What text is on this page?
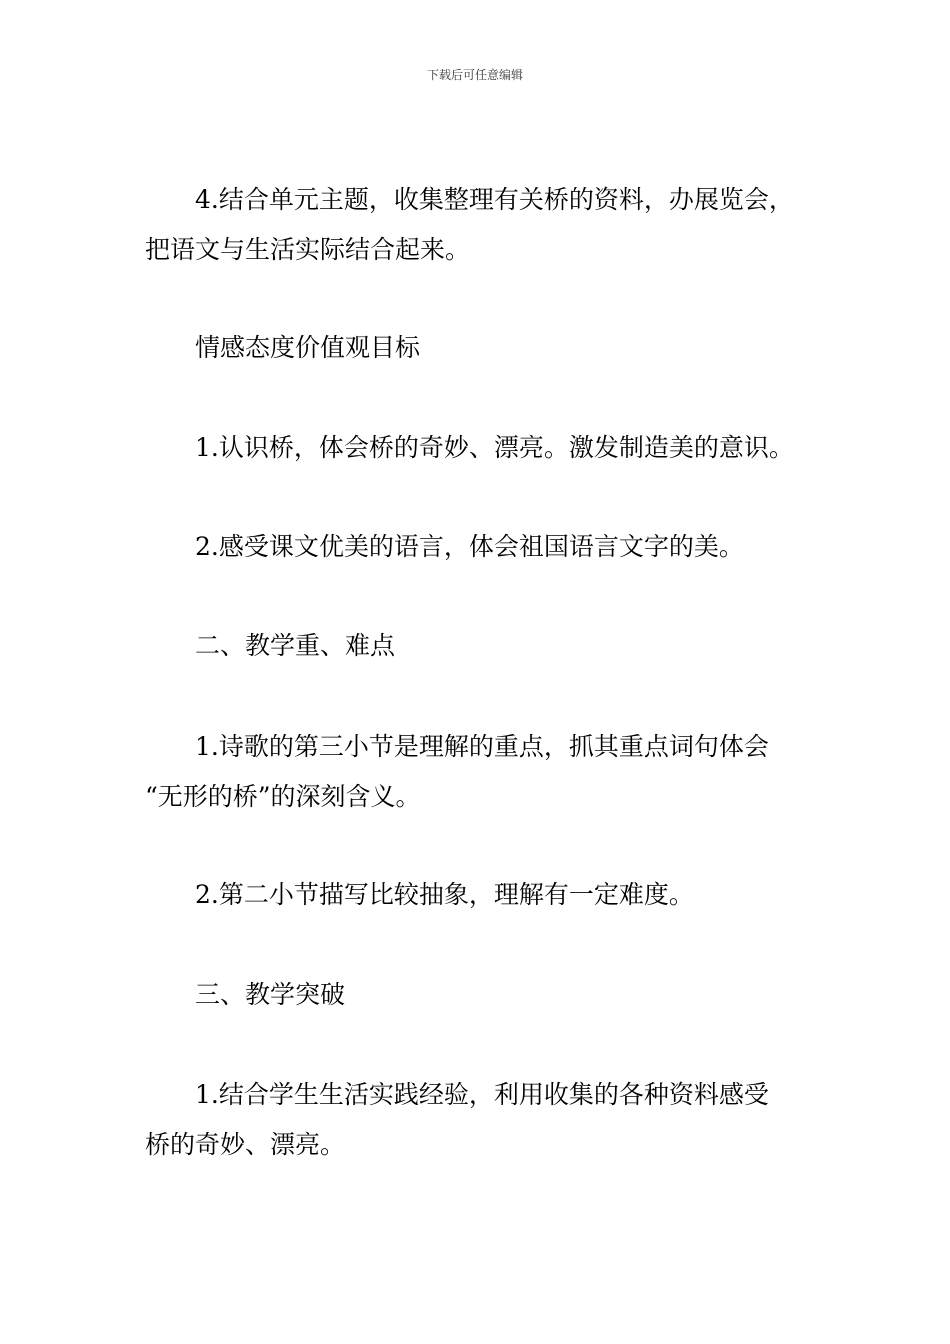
下载后可任意编辑
4.结合单元主题，收集整理有关桥的资料，办展览会，
把语文与生活实际结合起来。
情感态度价值观目标
1.认识桥，体会桥的奇妙、漂亮。激发制造美的意识。
2.感受课文优美的语言，体会祖国语言文字的美。
二、教学重、难点
1.诗歌的第三小节是理解的重点，抓其重点词句体会
“无形的桥”的深刻含义。
2.第二小节描写比较抽象，理解有一定难度。
三、教学突破
1.结合学生生活实践经验，利用收集的各种资料感受
桥的奇妙、漂亮。
